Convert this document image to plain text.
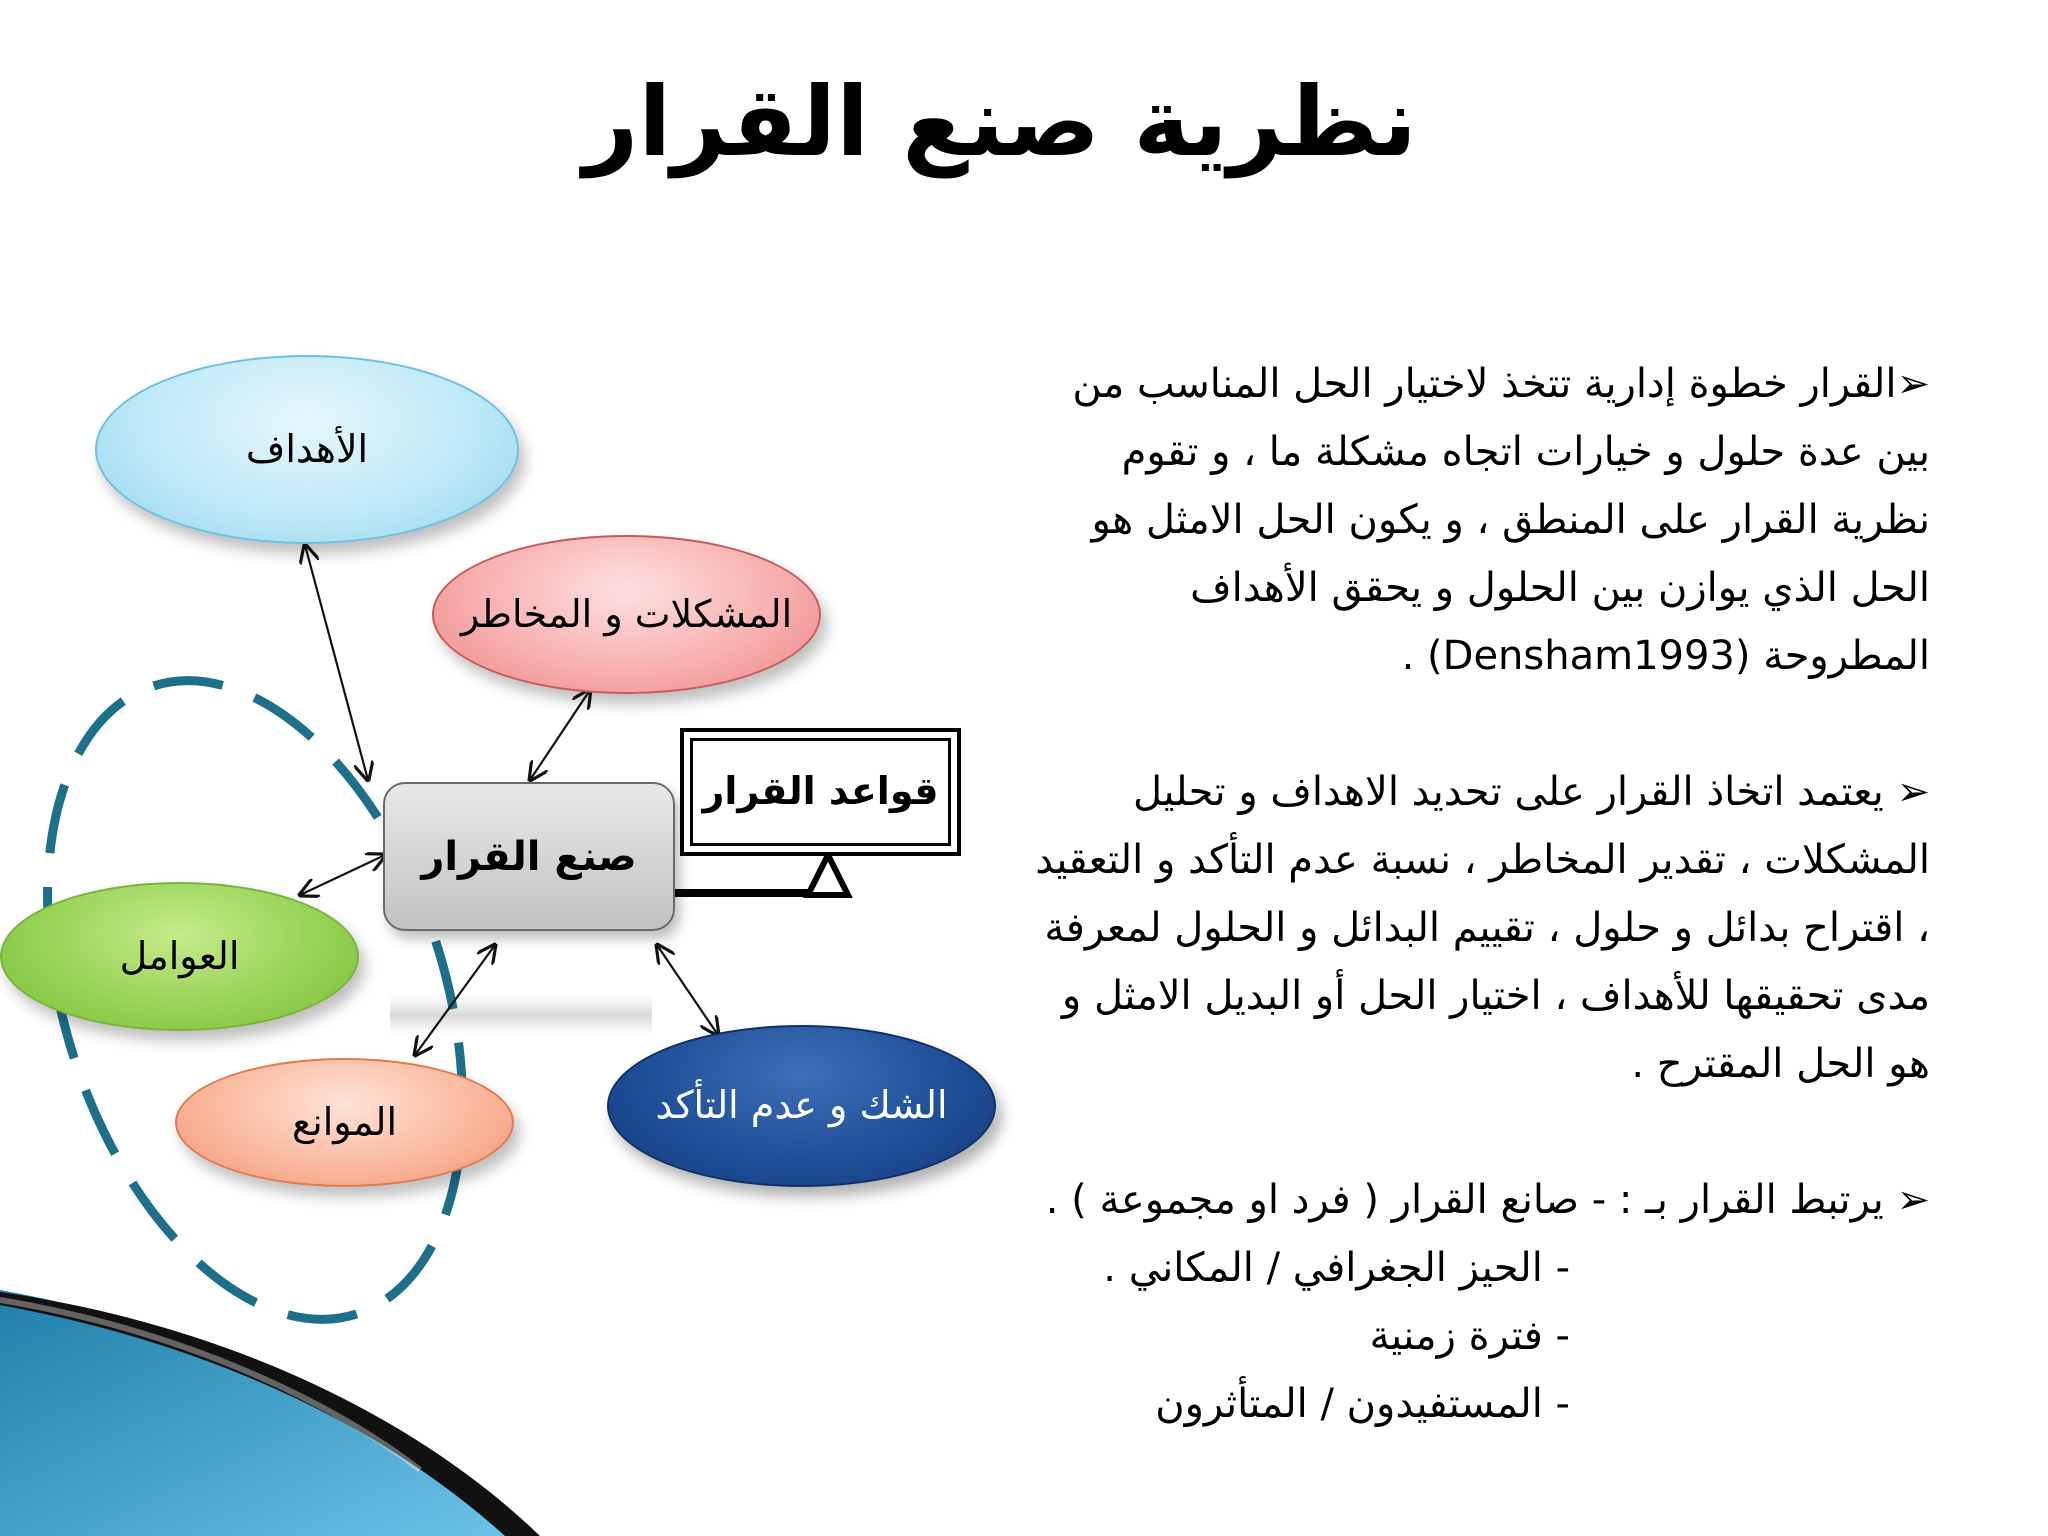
نظرية صنع القرار
الأهداف
المشكلات و المخاطر
العوامل
الموانع	الشك و عدم التأكد
صنع القرار
قواعد القرار

➢القرار خطوة إدارية تتخذ لاختيار الحل المناسب من بين عدة حلول و خيارات اتجاه مشكلة ما ، و تقوم نظرية القرار على المنطق ، و يكون الحل الامثل هو الحل الذي يوازن بين الحلول و يحقق الأهداف المطروحة (Densham1993) .

➢ يعتمد اتخاذ القرار على تحديد الاهداف و تحليل المشكلات ، تقدير المخاطر ، نسبة عدم التأكد و التعقيد ، اقتراح بدائل و حلول ، تقييم البدائل و الحلول لمعرفة مدى تحقيقها للأهداف ، اختيار الحل أو البديل الامثل و هو الحل المقترح .

➢ يرتبط القرار بـ : - صانع القرار ( فرد او مجموعة ) .

- الحيز الجغرافي / المكاني .
- فترة زمنية
- المستفيدون / المتأثرون
